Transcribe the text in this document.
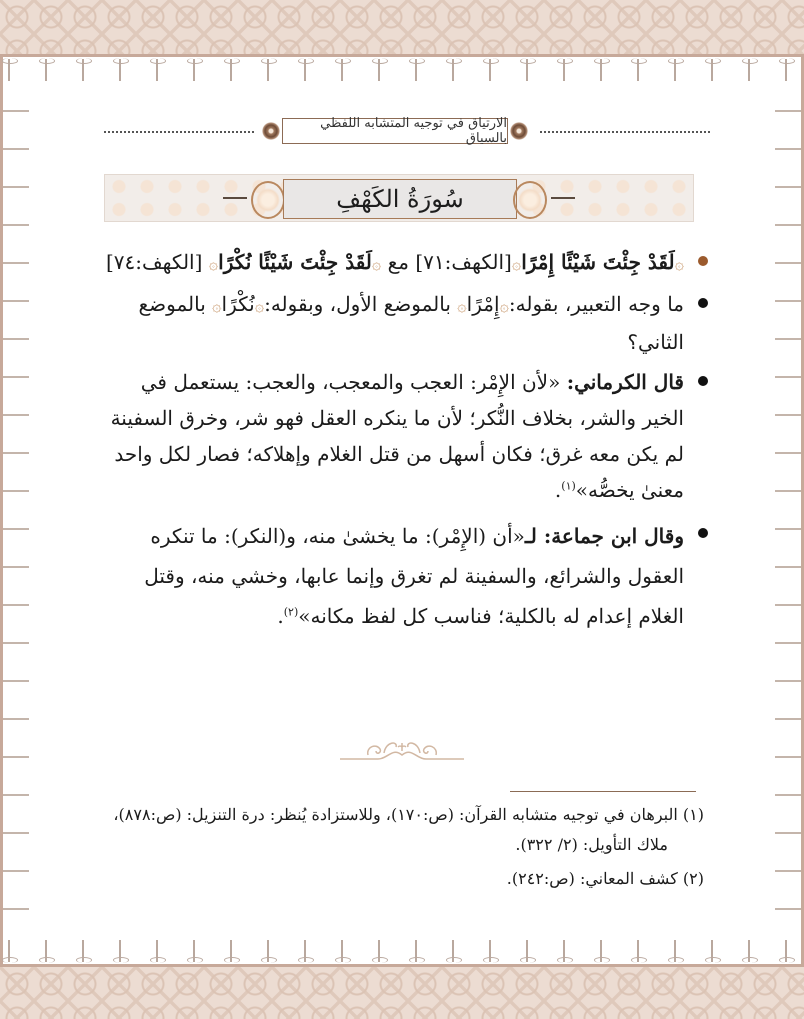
الارتياق في توجيه المتشابه اللفظي بالسياق
سُورَةُ الكَهْفِ
۞لَقَدْ جِئْتَ شَيْئًا إِمْرًا۞[الكهف:٧١] مع ۞لَقَدْ جِئْتَ شَيْئًا نُكْرًا۞ [الكهف:٧٤]
ما وجه التعبير، بقوله:۞إِمْرًا۞ بالموضع الأول، وبقوله:۞نُكْرًا۞ بالموضع الثاني؟
قال الكرماني: «لأن الإِمْر: العجب والمعجب، والعجب: يستعمل في الخير والشر، بخلاف النُّكر؛ لأن ما ينكره العقل فهو شر، وخرق السفينة لم يكن معه غرق؛ فكان أسهل من قتل الغلام وإهلاكه؛ فصار لكل واحد معنىٰ يخصُّه»$^{(١)}$.
وقال ابن جماعة: لـ«أن (الإِمْر): ما يخشىٰ منه، و(النكر): ما تنكره العقول والشرائع، والسفينة لم تغرق وإنما عابها، وخشي منه، وقتل الغلام إعدام له بالكلية؛ فناسب كل لفظ مكانه»$^{(٢)}$.
(١) البرهان في توجيه متشابه القرآن: (ص:١٧٠)، وللاستزادة يُنظر: درة التنزيل: (ص:٨٧٨)،
ملاك التأويل: (٢/ ٣٢٢).
(٢) كشف المعاني: (ص:٢٤٢).
